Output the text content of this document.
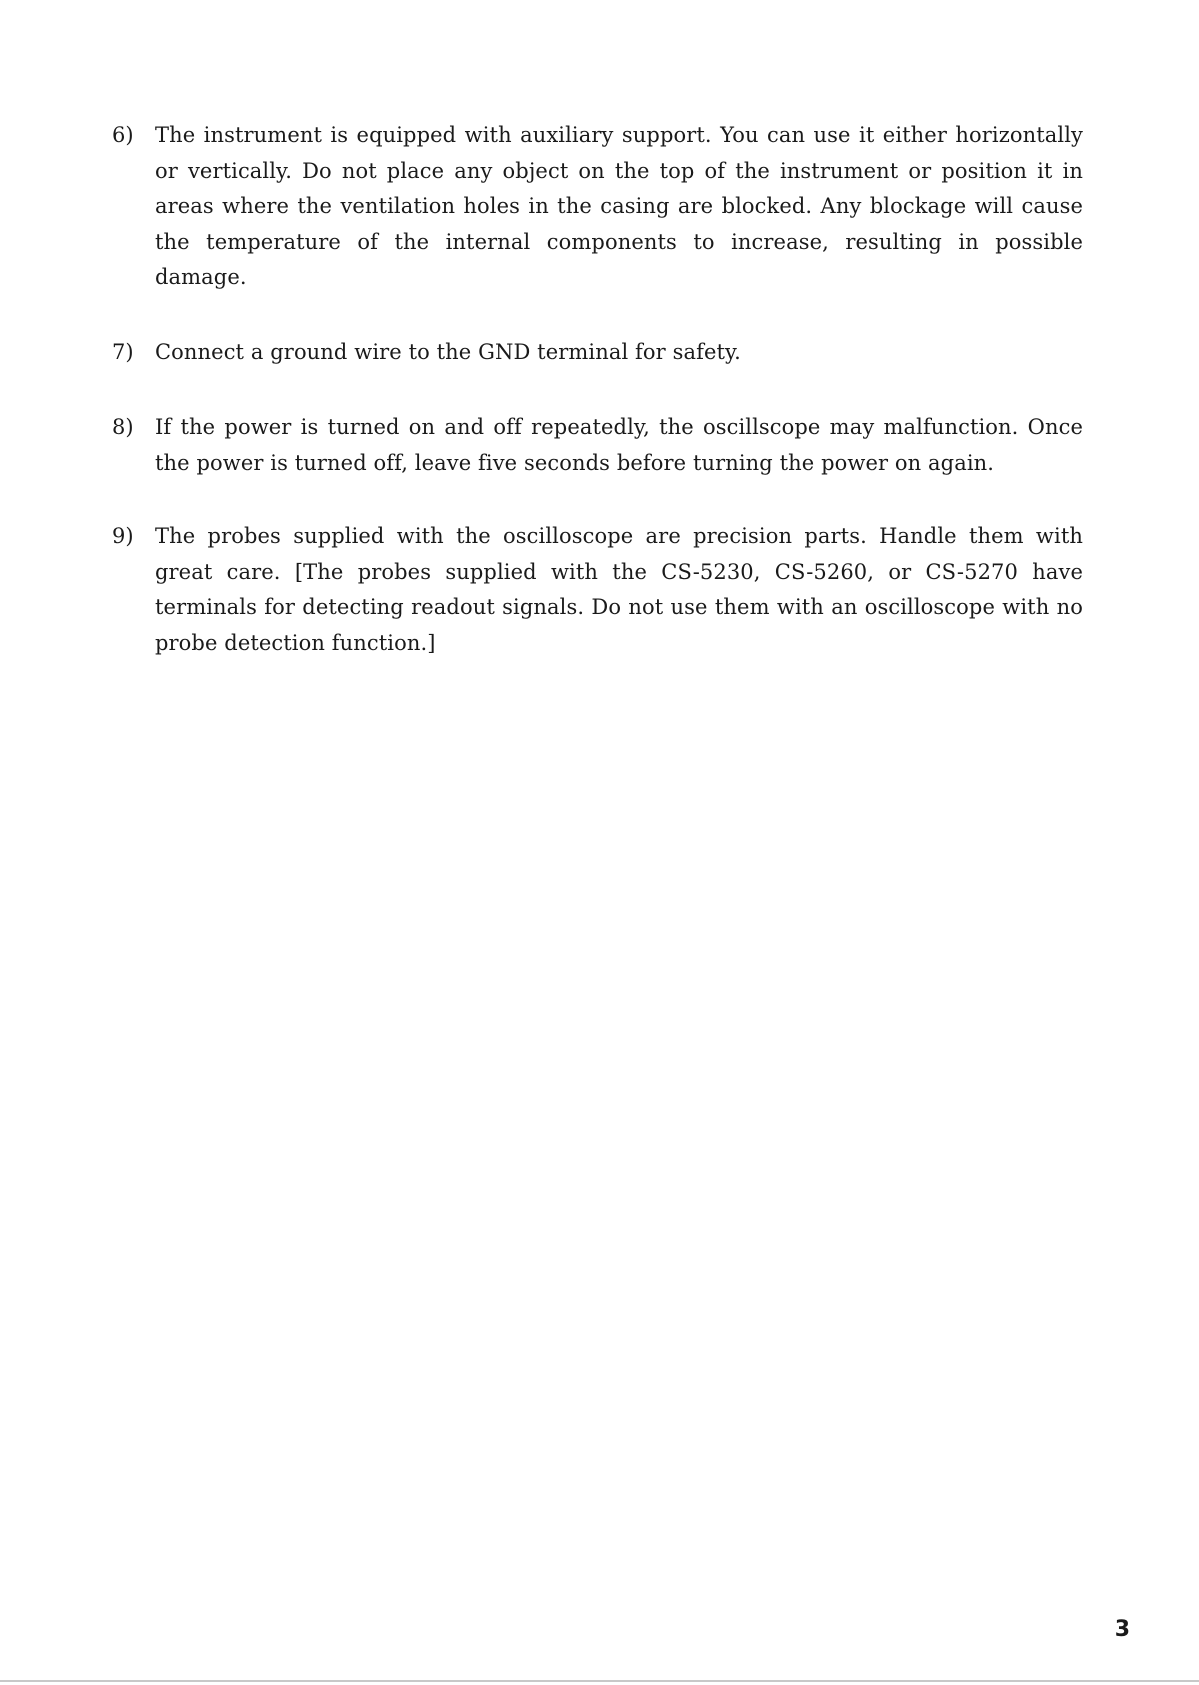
6) The instrument is equipped with auxiliary support. You can use it either horizontally or vertically. Do not place any object on the top of the instrument or position it in areas where the ventilation holes in the casing are blocked. Any blockage will cause the temperature of the internal components to increase, resulting in possible damage.
7) Connect a ground wire to the GND terminal for safety.
8) If the power is turned on and off repeatedly, the oscillscope may malfunction. Once the power is turned off, leave five seconds before turning the power on again.
9) The probes supplied with the oscilloscope are precision parts. Handle them with great care. [The probes supplied with the CS-5230, CS-5260, or CS-5270 have terminals for detecting readout signals. Do not use them with an oscilloscope with no probe detection function.]
3
